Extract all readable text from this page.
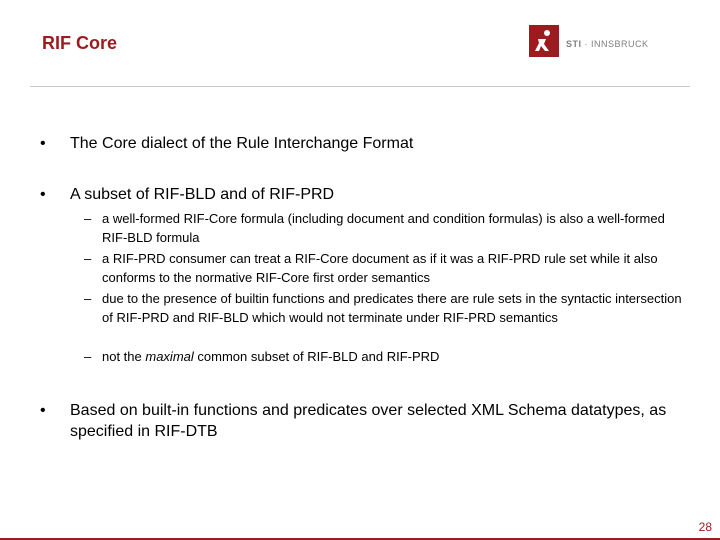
RIF Core	STI · INNSBRUCK
• The Core dialect of the Rule Interchange Format
• A subset of RIF-BLD and of RIF-PRD
– a well-formed RIF-Core formula (including document and condition formulas) is also a well-formed RIF-BLD formula
– a RIF-PRD consumer can treat a RIF-Core document as if it was a RIF-PRD rule set while it also conforms to the normative RIF-Core first order semantics
– due to the presence of builtin functions and predicates there are rule sets in the syntactic intersection of RIF-PRD and RIF-BLD which would not terminate under RIF-PRD semantics
– not the maximal common subset of RIF-BLD and RIF-PRD
• Based on built-in functions and predicates over selected XML Schema datatypes, as specified in RIF-DTB
28
